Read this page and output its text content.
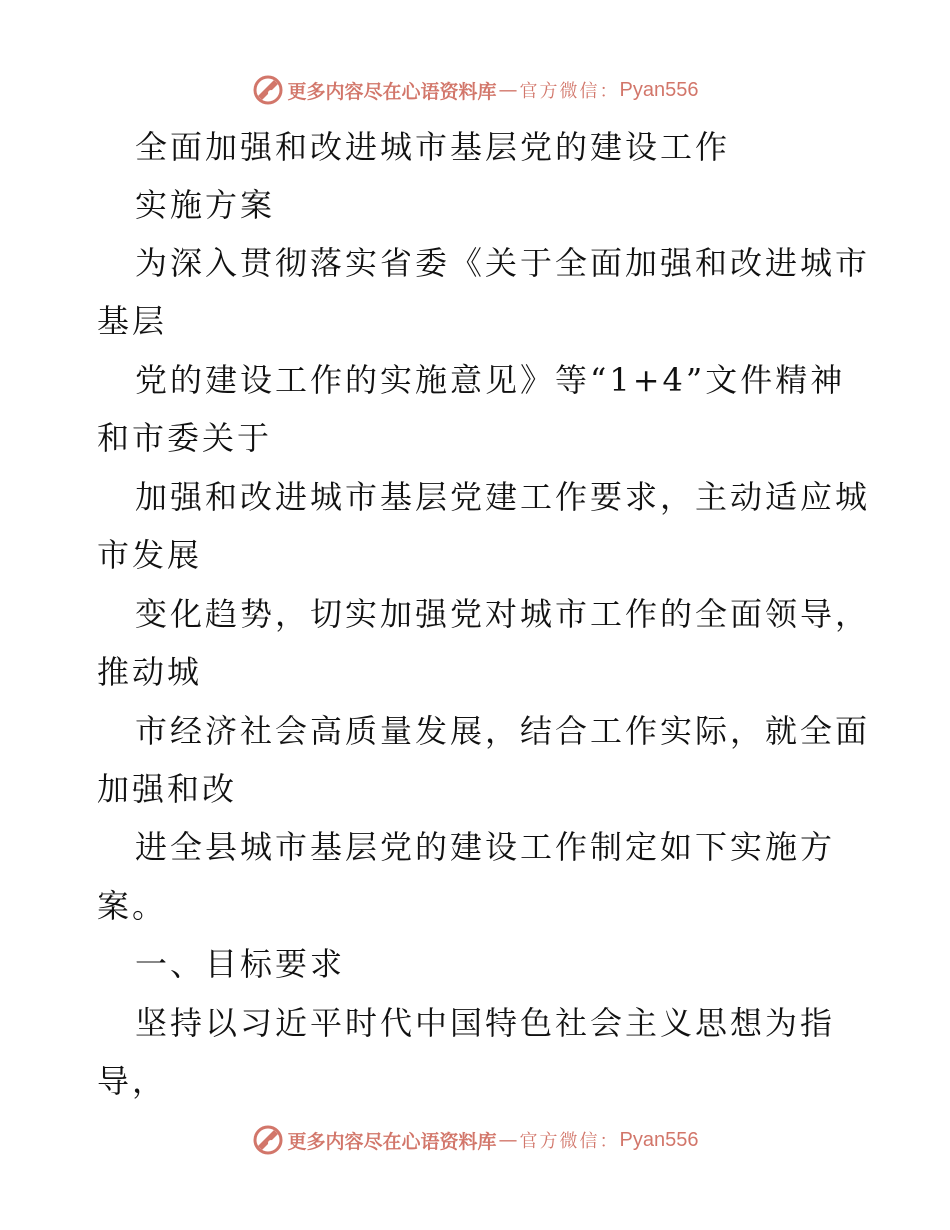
更多内容尽在心语资料库 — 官方微信： Pyan556
全面加强和改进城市基层党的建设工作
实施方案
为深入贯彻落实省委《关于全面加强和改进城市
基层
党的建设工作的实施意见》等“1+4”文件精神
和市委关于
加强和改进城市基层党建工作要求，主动适应城
市发展
变化趋势，切实加强党对城市工作的全面领导，
推动城
市经济社会高质量发展，结合工作实际，就全面
加强和改
进全县城市基层党的建设工作制定如下实施方
案。
一、目标要求
坚持以习近平时代中国特色社会主义思想为指
导，
更多内容尽在心语资料库 — 官方微信： Pyan556
